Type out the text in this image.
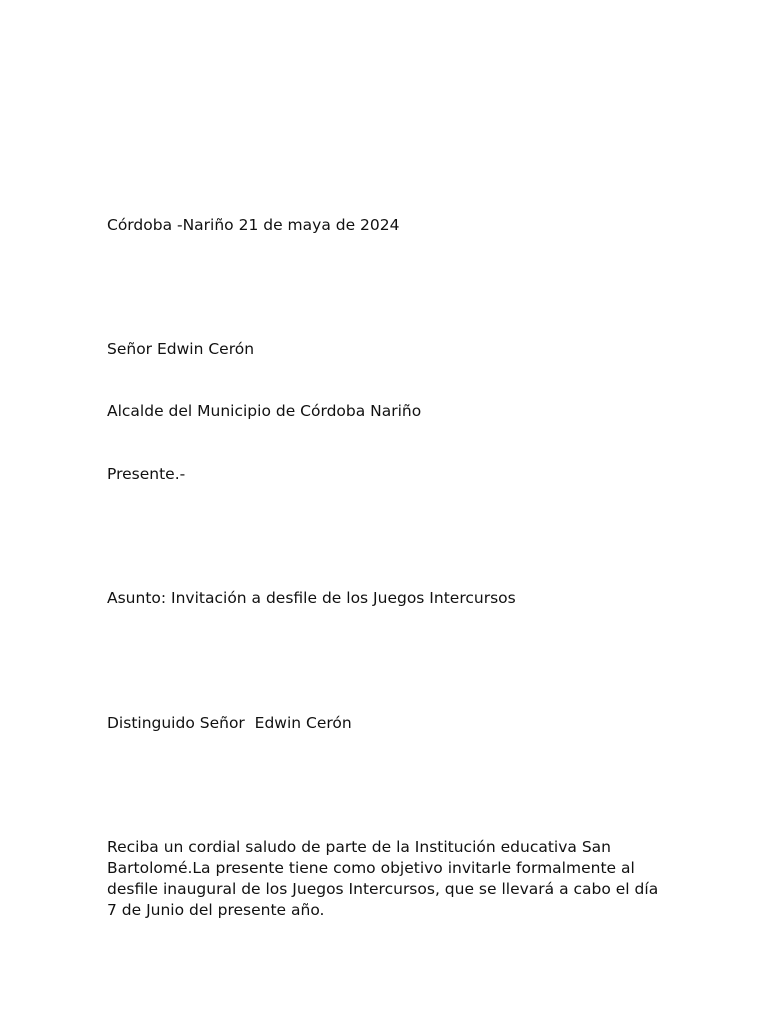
Córdoba -Nariño 21 de maya de 2024
Señor Edwin Cerón
Alcalde del Municipio de Córdoba Nariño
Presente.-
Asunto: Invitación a desfile de los Juegos Intercursos
Distinguido Señor  Edwin Cerón
Reciba un cordial saludo de parte de la Institución educativa San Bartolomé.La presente tiene como objetivo invitarle formalmente al desfile inaugural de los Juegos Intercursos, que se llevará a cabo el día 7 de Junio del presente año.
